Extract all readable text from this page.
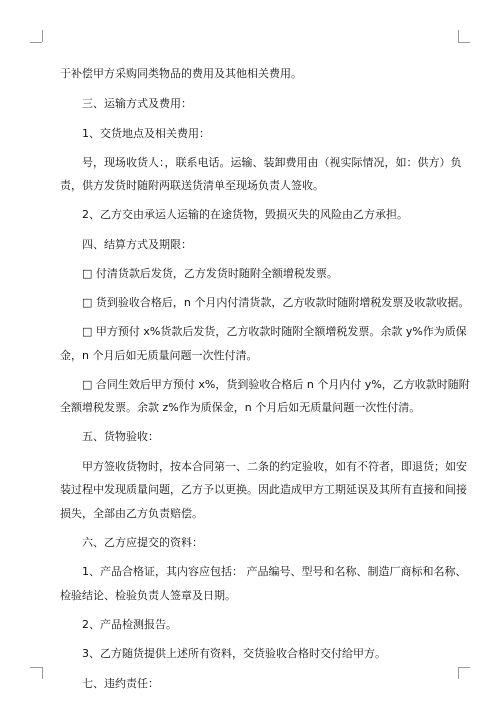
于补偿甲方采购同类物品的费用及其他相关费用。
三、运输方式及费用：
1、交货地点及相关费用：
号，现场收货人：，联系电话。运输、装卸费用由（视实际情况，如：供方）负
责，供方发货时随附两联送货清单至现场负责人签收。
2、乙方交由承运人运输的在途货物，毁损灭失的风险由乙方承担。
四、结算方式及期限：
□ 付清货款后发货，乙方发货时随附全额增税发票。
□ 货到验收合格后，n 个月内付清货款，乙方收款时随附增税发票及收款收据。
□ 甲方预付 x%货款后发货，乙方收款时随附全额增税发票。余款 y%作为质保
金，n 个月后如无质量问题一次性付清。
□ 合同生效后甲方预付 x%，货到验收合格后 n 个月内付 y%，乙方收款时随附
全额增税发票。余款 z%作为质保金，n 个月后如无质量问题一次性付清。
五、货物验收：
甲方签收货物时，按本合同第一、二条的约定验收，如有不符者，即退货；如安
装过程中发现质量问题，乙方予以更换。因此造成甲方工期延误及其所有直接和间接
损失，全部由乙方负责赔偿。
六、乙方应提交的资料：
1、产品合格证，其内容应包括： 产品编号、型号和名称、制造厂商标和名称、
检验结论、检验负责人签章及日期。
2、产品检测报告。
3、乙方随货提供上述所有资料，交货验收合格时交付给甲方。
七、违约责任：
